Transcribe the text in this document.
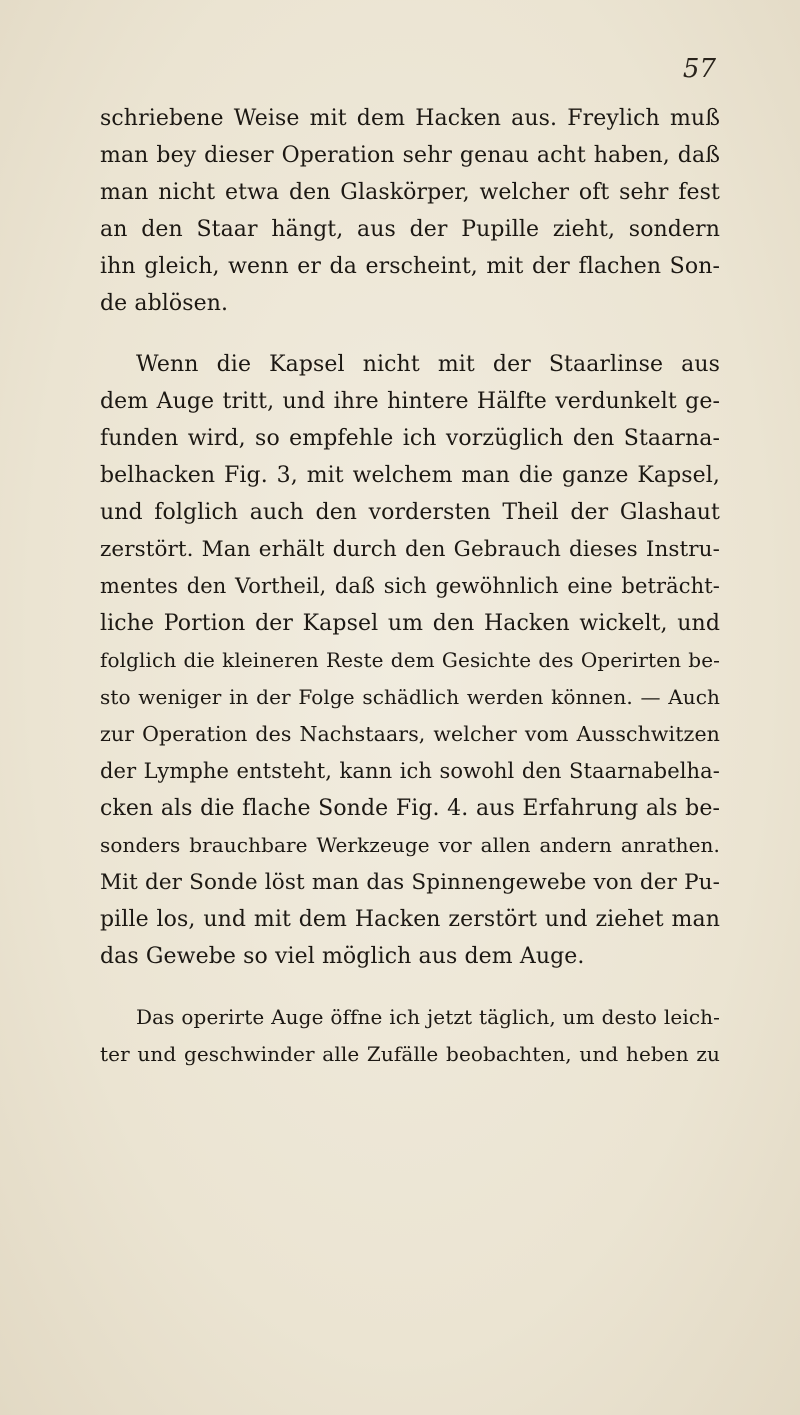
57
schriebene Weise mit dem Hacken aus. Freylich muß
man bey dieser Operation sehr genau acht haben, daß
man nicht etwa den Glaskörper, welcher oft sehr fest
an den Staar hängt, aus der Pupille zieht, sondern
ihn gleich, wenn er da erscheint, mit der flachen Son-
de ablösen.
Wenn die Kapsel nicht mit der Staarlinse aus
dem Auge tritt, und ihre hintere Hälfte verdunkelt ge-
funden wird, so empfehle ich vorzüglich den Staarna-
belhacken Fig. 3, mit welchem man die ganze Kapsel,
und folglich auch den vordersten Theil der Glashaut
zerstört. Man erhält durch den Gebrauch dieses Instru-
mentes den Vortheil, daß sich gewöhnlich eine beträcht-
liche Portion der Kapsel um den Hacken wickelt, und
folglich die kleineren Reste dem Gesichte des Operirten be-
sto weniger in der Folge schädlich werden können. — Auch
zur Operation des Nachstaars, welcher vom Ausschwitzen
der Lymphe entsteht, kann ich sowohl den Staarnabelha-
cken als die flache Sonde Fig. 4. aus Erfahrung als be-
sonders brauchbare Werkzeuge vor allen andern anrathen.
Mit der Sonde löst man das Spinnengewebe von der Pu-
pille los, und mit dem Hacken zerstört und ziehet man
das Gewebe so viel möglich aus dem Auge.
Das operirte Auge öffne ich jetzt täglich, um desto leich-
ter und geschwinder alle Zufälle beobachten, und heben zu
